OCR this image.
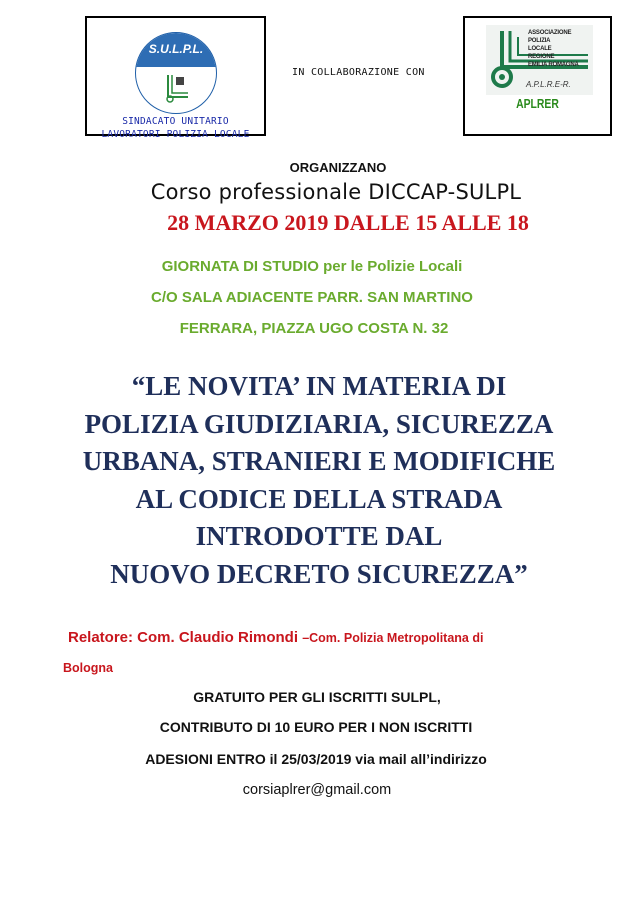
S.U.L.P.L.
SINDACATO UNITARIO
LAVORATORI POLIZIA LOCALE
IN COLLABORAZIONE CON
ASSOCIAZIONE
POLIZIA
LOCALE
REGIONE
EMILIA ROMAGNA
A.P.L.R.E-R.
APLRER
ORGANIZZANO
Corso professionale DICCAP-SULPL
28 MARZO 2019 DALLE 15 ALLE 18
GIORNATA DI STUDIO per le Polizie Locali
C/O SALA ADIACENTE PARR. SAN MARTINO
FERRARA, PIAZZA UGO COSTA N. 32
“LE NOVITA’ IN MATERIA DI
POLIZIA GIUDIZIARIA, SICUREZZA
URBANA, STRANIERI E MODIFICHE
AL CODICE DELLA STRADA
INTRODOTTE DAL
NUOVO DECRETO SICUREZZA”
Relatore: Com. Claudio Rimondi –Com. Polizia Metropolitana di
Bologna
GRATUITO PER GLI ISCRITTI SULPL,
CONTRIBUTO DI 10 EURO PER I NON ISCRITTI
ADESIONI ENTRO il 25/03/2019 via mail all’indirizzo
corsiaplrer@gmail.com
